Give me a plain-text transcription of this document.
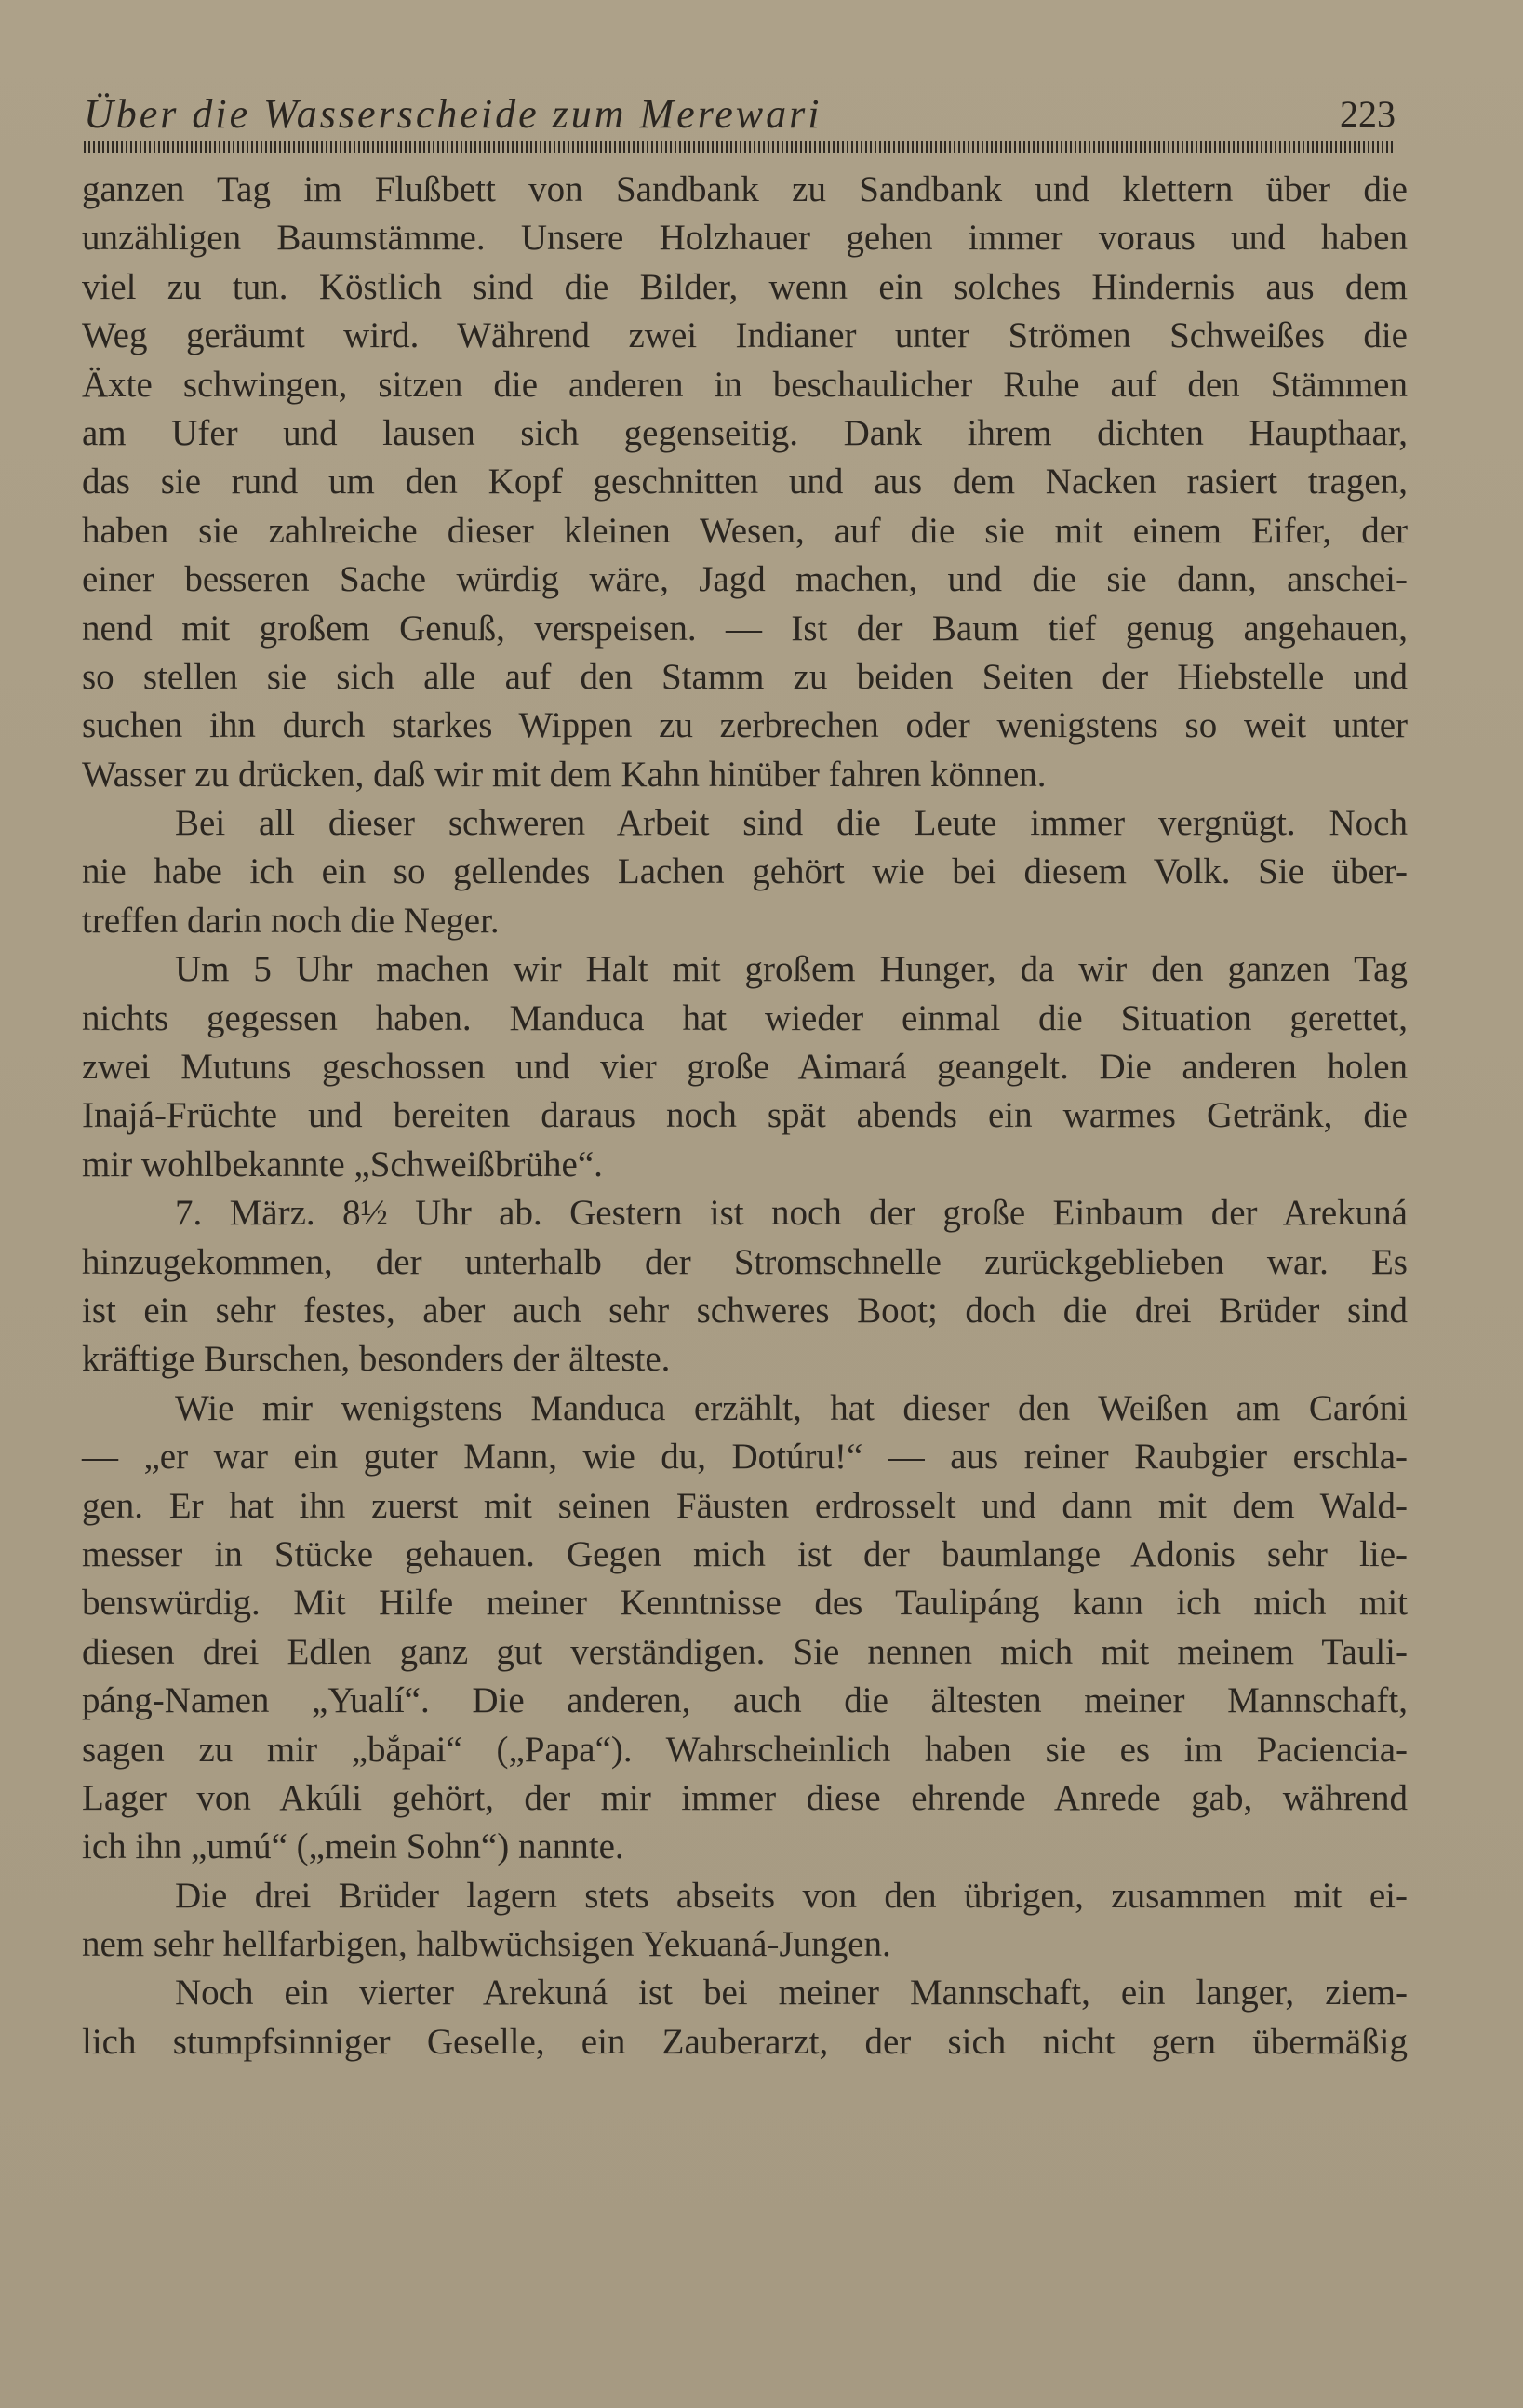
Über die Wasserscheide zum Merewari	223
ganzen Tag im Flußbett von Sandbank zu Sandbank und klettern über die
unzähligen Baumstämme. Unsere Holzhauer gehen immer voraus und haben
viel zu tun. Köstlich sind die Bilder, wenn ein solches Hindernis aus dem
Weg geräumt wird. Während zwei Indianer unter Strömen Schweißes die
Äxte schwingen, sitzen die anderen in beschaulicher Ruhe auf den Stämmen
am Ufer und lausen sich gegenseitig. Dank ihrem dichten Haupthaar,
das sie rund um den Kopf geschnitten und aus dem Nacken rasiert tragen,
haben sie zahlreiche dieser kleinen Wesen, auf die sie mit einem Eifer, der
einer besseren Sache würdig wäre, Jagd machen, und die sie dann, anschei-
nend mit großem Genuß, verspeisen. — Ist der Baum tief genug angehauen,
so stellen sie sich alle auf den Stamm zu beiden Seiten der Hiebstelle und
suchen ihn durch starkes Wippen zu zerbrechen oder wenigstens so weit unter
Wasser zu drücken, daß wir mit dem Kahn hinüber fahren können.
Bei all dieser schweren Arbeit sind die Leute immer vergnügt. Noch
nie habe ich ein so gellendes Lachen gehört wie bei diesem Volk. Sie über-
treffen darin noch die Neger.
Um 5 Uhr machen wir Halt mit großem Hunger, da wir den ganzen Tag
nichts gegessen haben. Manduca hat wieder einmal die Situation gerettet,
zwei Mutuns geschossen und vier große Aimará geangelt. Die anderen holen
Inajá-Früchte und bereiten daraus noch spät abends ein warmes Getränk, die
mir wohlbekannte „Schweißbrühe“.
7. März. 8½ Uhr ab. Gestern ist noch der große Einbaum der Arekuná
hinzugekommen, der unterhalb der Stromschnelle zurückgeblieben war. Es
ist ein sehr festes, aber auch sehr schweres Boot; doch die drei Brüder sind
kräftige Burschen, besonders der älteste.
Wie mir wenigstens Manduca erzählt, hat dieser den Weißen am Caróni
— „er war ein guter Mann, wie du, Dotúru!“ — aus reiner Raubgier erschla-
gen. Er hat ihn zuerst mit seinen Fäusten erdrosselt und dann mit dem Wald-
messer in Stücke gehauen. Gegen mich ist der baumlange Adonis sehr lie-
benswürdig. Mit Hilfe meiner Kenntnisse des Taulipáng kann ich mich mit
diesen drei Edlen ganz gut verständigen. Sie nennen mich mit meinem Tauli-
páng-Namen „Yualí“. Die anderen, auch die ältesten meiner Mannschaft,
sagen zu mir „bắpai“ („Papa“). Wahrscheinlich haben sie es im Paciencia-
Lager von Akúli gehört, der mir immer diese ehrende Anrede gab, während
ich ihn „umú“ („mein Sohn“) nannte.
Die drei Brüder lagern stets abseits von den übrigen, zusammen mit ei-
nem sehr hellfarbigen, halbwüchsigen Yekuaná-Jungen.
Noch ein vierter Arekuná ist bei meiner Mannschaft, ein langer, ziem-
lich stumpfsinniger Geselle, ein Zauberarzt, der sich nicht gern übermäßig
